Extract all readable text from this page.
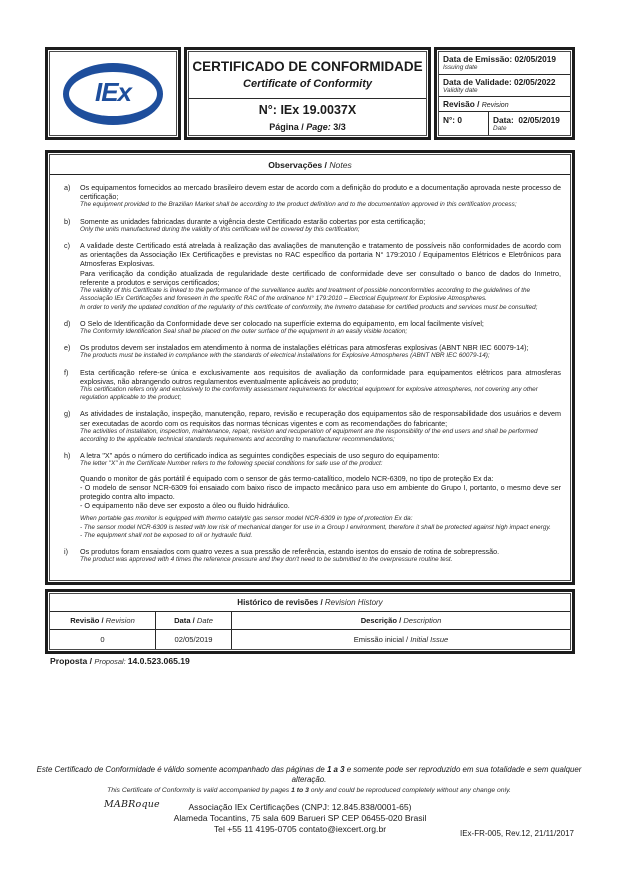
IEx
CERTIFICADO DE CONFORMIDADE
Certificate of Conformity
N°: IEx 19.0037X
Página / Page: 3/3
Data de Emissão: 02/05/2019
Issuing date
Data de Validade: 02/05/2022
Validity date
Revisão / Revision
N°: 0	Data: 02/05/2019
Date
Observações / Notes
a)	Os equipamentos fornecidos ao mercado brasileiro devem estar de acordo com a definição do produto e a documentação aprovada neste processo de certificação;
The equipment provided to the Brazilian Market shall be according to the product definition and to the documentation approved in this certification process;
b)	Somente as unidades fabricadas durante a vigência deste Certificado estarão cobertas por esta certificação;
Only the units manufactured during the validity of this certificate will be covered by this certification;
c)	A validade deste Certificado está atrelada à realização das avaliações de manutenção e tratamento de possíveis não conformidades de acordo com as orientações da Associação IEx Certificações e previstas no RAC específico da portaria N° 179:2010 / Equipamentos Elétricos e Eletrônicos para Atmosferas Explosivas.
Para verificação da condição atualizada de regularidade deste certificado de conformidade deve ser consultado o banco de dados do Inmetro, referente a produtos e serviços certificados;
The validity of this Certificate is linked to the performance of the surveillance audits and treatment of possible nonconformities according to the guidelines of the Associação IEx Certificações and foreseen in the specific RAC of the ordinance N° 179:2010 – Electrical Equipment for Explosive Atmospheres.
In order to verify the updated condition of the regularity of this certificate of conformity, the Inmetro database for certified products and services must be consulted;
d)	O Selo de Identificação da Conformidade deve ser colocado na superfície externa do equipamento, em local facilmente visível;
The Conformity Identification Seal shall be placed on the outer surface of the equipment in an easily visible location;
e)	Os produtos devem ser instalados em atendimento à norma de instalações elétricas para atmosferas explosivas (ABNT NBR IEC 60079-14);
The products must be installed in compliance with the standards of electrical installations for Explosive Atmospheres (ABNT NBR IEC 60079-14);
f)	Esta certificação refere-se única e exclusivamente aos requisitos de avaliação da conformidade para equipamentos elétricos para atmosferas explosivas, não abrangendo outros regulamentos eventualmente aplicáveis ao produto;
This certification refers only and exclusively to the conformity assessment requirements for electrical equipment for explosive atmospheres, not covering any other regulation applicable to the product;
g)	As atividades de instalação, inspeção, manutenção, reparo, revisão e recuperação dos equipamentos são de responsabilidade dos usuários e devem ser executadas de acordo com os requisitos das normas técnicas vigentes e com as recomendações do fabricante;
The activities of installation, inspection, maintenance, repair, revision and recuperation of equipment are the responsibility of the end users and shall be performed according to the applicable technical standards requirements and according to manufacturer recommendations;
h)	A letra "X" após o número do certificado indica as seguintes condições especiais de uso seguro do equipamento:
The letter "X" in the Certificate Number refers to the following special conditions for safe use of the product:
Quando o monitor de gás portátil é equipado com o sensor de gás termo-catalítico, modelo NCR-6309, no tipo de proteção Ex da:
- O modelo de sensor NCR-6309 foi ensaiado com baixo risco de impacto mecânico para uso em ambiente do Grupo I, portanto, o mesmo deve ser protegido contra alto impacto.
- O equipamento não deve ser exposto a óleo ou fluido hidráulico.
When portable gas monitor is equipped with thermo catalytic gas sensor model NCR-6309 in type of protection Ex da:
- The sensor model NCR-6309 is tested with low risk of mechanical danger for use in a Group I environment, therefore it shall be protected against high impact energy.
- The equipment shall not be exposed to oil or hydraulic fluid.
i)	Os produtos foram ensaiados com quatro vezes a sua pressão de referência, estando isentos do ensaio de rotina de sobrepressão.
The product was approved with 4 times the reference pressure and they don't need to be submitted to the overpressure routine test.
Histórico de revisões / Revision History
Revisão / Revision	Data / Date	Descrição / Description
0	02/05/2019	Emissão inicial / Initial Issue
Proposta / Proposal: 14.0.523.065.19
Este Certificado de Conformidade é válido somente acompanhado das páginas de 1 a 3 e somente pode ser reproduzido em sua totalidade e sem qualquer alteração.
This Certificate of Conformity is valid accompanied by pages 1 to 3 only and could be reproduced completely without any change only.
MABRoque	Associação IEx Certificações (CNPJ: 12.845.838/0001-65)
Alameda Tocantins, 75 sala 609 Barueri SP CEP 06455-020 Brasil
Tel +55 11 4195-0705 contato@iexcert.org.br	IEx-FR-005, Rev.12, 21/11/2017
